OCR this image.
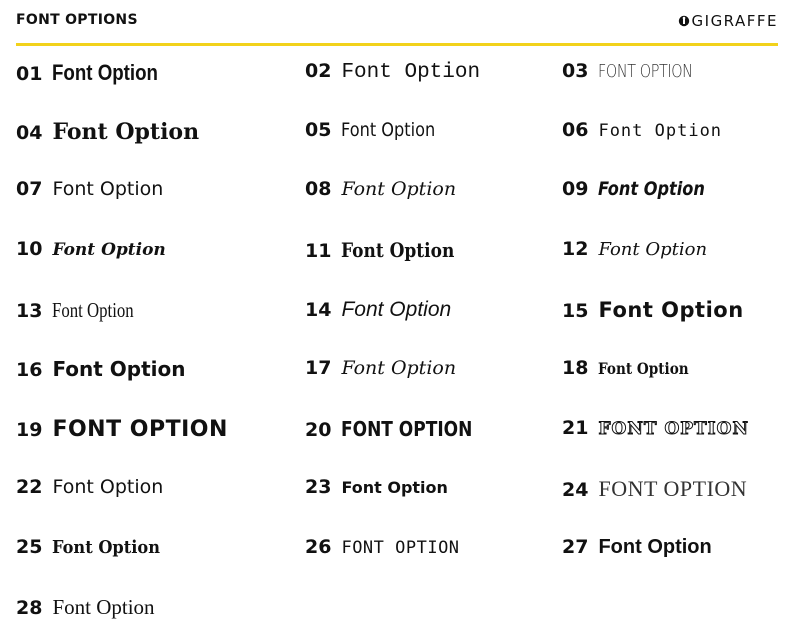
FONT OPTIONS	GIGRAFFE
01 Font Option	02 Font Option	03 FONT OPTION
04 Font Option	05 Font Option	06 Font Option
07 Font Option	08 Font Option	09 Font Option
10 Font Option	11 Font Option	12 Font Option
13 Font Option	14 Font Option	15 Font Option
16 Font Option	17 Font Option	18 Font Option
19 FONT OPTION	20 FONT OPTION	21 FONT OPTION
22 Font Option	23 Font Option	24 FONT OPTION
25 Font Option	26 FONT OPTION	27 Font Option
28 Font Option
